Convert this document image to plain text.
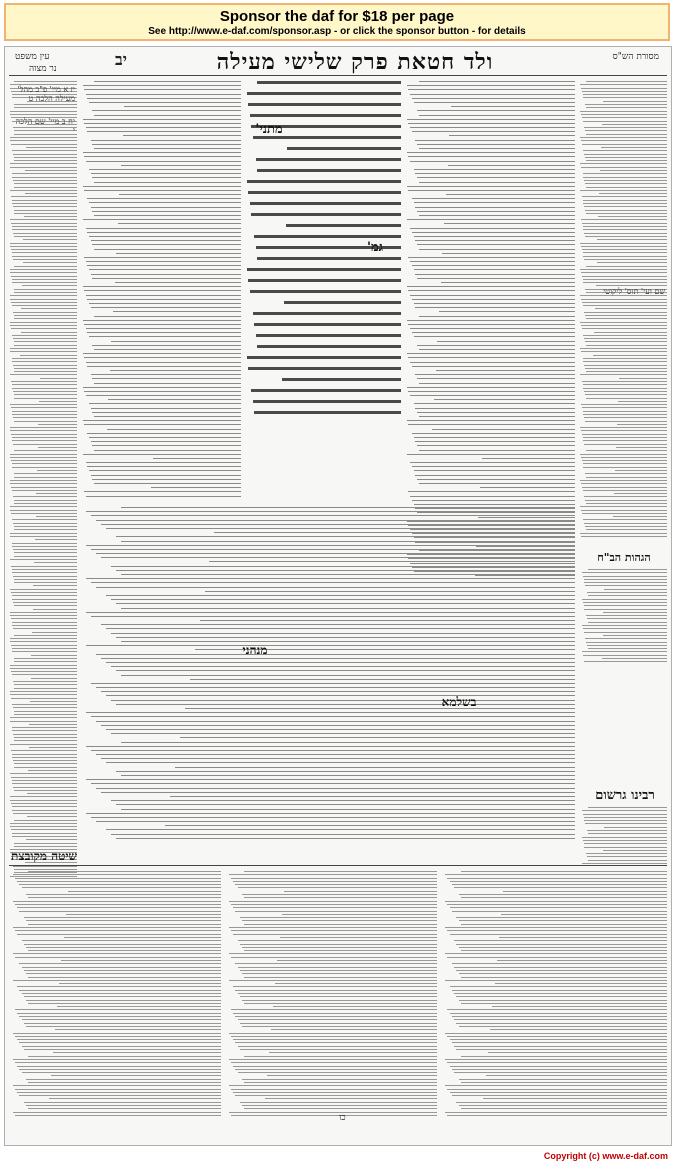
Sponsor the daf for $18 per page
See http://www.e-daf.com/sponsor.asp - or click the sponsor button - for details
עין משפט
נר מצוה	יב	ולד חטאת פרק שלישי מעילה	מסורת הש"ס
יז א מיי' פ"ב מהל' מעילה הלכה ט
יח ב מיי' שם הלכה י	מתני'
גמ'
שם ועי' תוס' ליקוטי
הגהות הב"ח
מנהני
בשלמא
רבינו גרשום
שיטה מקובצת
כו
Copyright (c) www.e-daf.com
